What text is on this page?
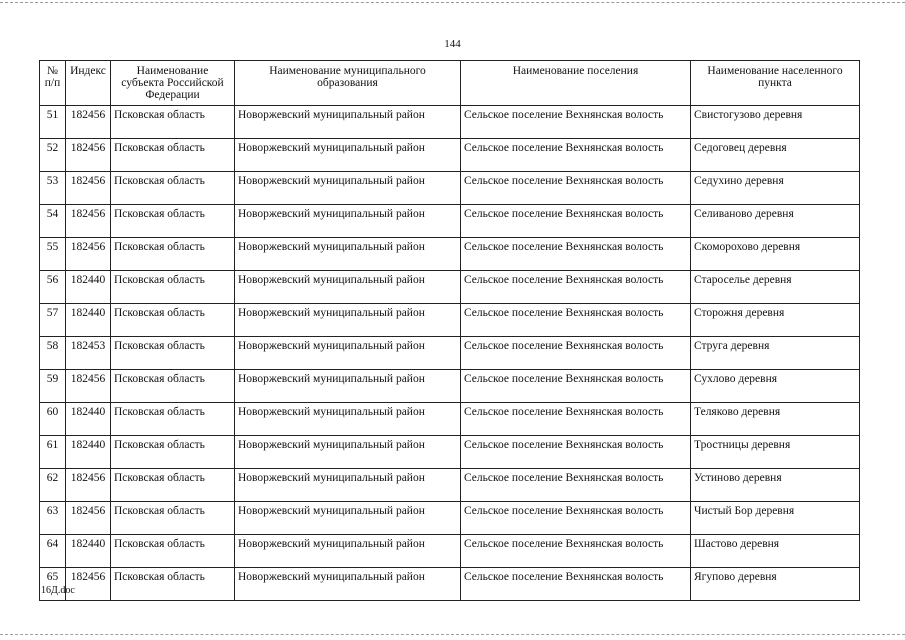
144
№ п/п	Индекс	Наименование субъекта Российской Федерации	Наименование муниципального образования	Наименование поселения	Наименование населенного пункта
51	182456	Псковская область	Новоржевский муниципальный район	Сельское поселение Вехнянская волость	Свистогузово деревня
52	182456	Псковская область	Новоржевский муниципальный район	Сельское поселение Вехнянская волость	Седоговец деревня
53	182456	Псковская область	Новоржевский муниципальный район	Сельское поселение Вехнянская волость	Седухино деревня
54	182456	Псковская область	Новоржевский муниципальный район	Сельское поселение Вехнянская волость	Селиваново деревня
55	182456	Псковская область	Новоржевский муниципальный район	Сельское поселение Вехнянская волость	Скоморохово деревня
56	182440	Псковская область	Новоржевский муниципальный район	Сельское поселение Вехнянская волость	Староселье деревня
57	182440	Псковская область	Новоржевский муниципальный район	Сельское поселение Вехнянская волость	Сторожня деревня
58	182453	Псковская область	Новоржевский муниципальный район	Сельское поселение Вехнянская волость	Струга деревня
59	182456	Псковская область	Новоржевский муниципальный район	Сельское поселение Вехнянская волость	Сухлово деревня
60	182440	Псковская область	Новоржевский муниципальный район	Сельское поселение Вехнянская волость	Теляково деревня
61	182440	Псковская область	Новоржевский муниципальный район	Сельское поселение Вехнянская волость	Тростницы деревня
62	182456	Псковская область	Новоржевский муниципальный район	Сельское поселение Вехнянская волость	Устиново деревня
63	182456	Псковская область	Новоржевский муниципальный район	Сельское поселение Вехнянская волость	Чистый Бор деревня
64	182440	Псковская область	Новоржевский муниципальный район	Сельское поселение Вехнянская волость	Шастово деревня
65	182456	Псковская область	Новоржевский муниципальный район	Сельское поселение Вехнянская волость	Ягупово деревня
16Д.doc
